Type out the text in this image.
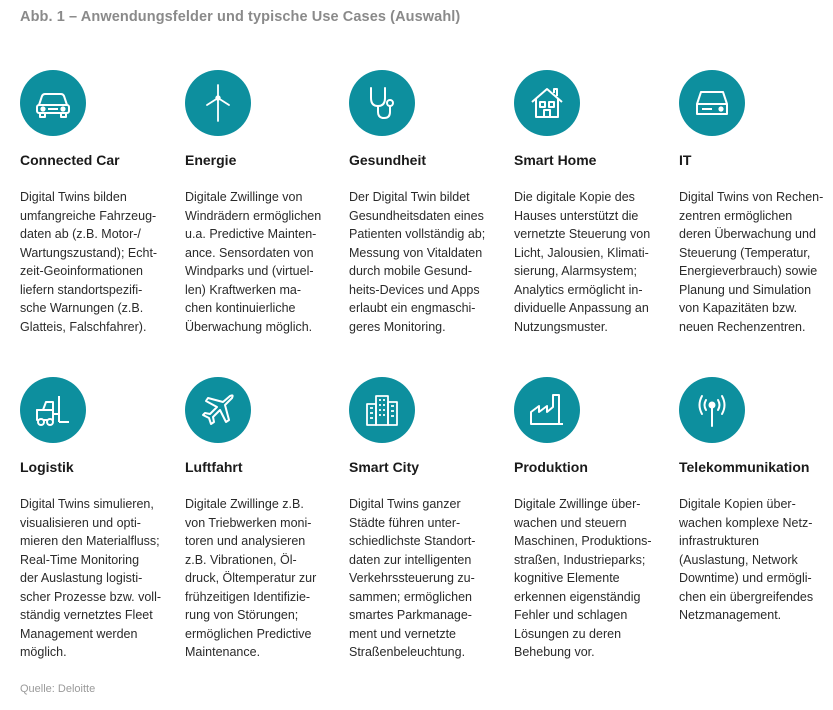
Abb. 1 – Anwendungsfelder und typische Use Cases (Auswahl)
Connected Car
Digital Twins bilden
umfangreiche Fahrzeug-
daten ab (z.B. Motor-/
Wartungszustand); Echt-
zeit-Geoinformationen
liefern standortspezifi-
sche Warnungen (z.B.
Glatteis, Falschfahrer).
Energie
Digitale Zwillinge von
Windrädern ermöglichen
u.a. Predictive Mainten-
ance. Sensordaten von
Windparks und (virtuel-
len) Kraftwerken ma-
chen kontinuierliche
Überwachung möglich.
Gesundheit
Der Digital Twin bildet
Gesundheitsdaten eines
Patienten vollständig ab;
Messung von Vitaldaten
durch mobile Gesund-
heits-Devices und Apps
erlaubt ein engmaschi-
geres Monitoring.
Smart Home
Die digitale Kopie des
Hauses unterstützt die
vernetzte Steuerung von
Licht, Jalousien, Klimati-
sierung, Alarmsystem;
Analytics ermöglicht in-
dividuelle Anpassung an
Nutzungsmuster.
IT
Digital Twins von Rechen-
zentren ermöglichen
deren Überwachung und
Steuerung (Temperatur,
Energieverbrauch) sowie
Planung und Simulation
von Kapazitäten bzw.
neuen Rechenzentren.
Logistik
Digital Twins simulieren,
visualisieren und opti-
mieren den Materialfluss;
Real-Time Monitoring
der Auslastung logisti-
scher Prozesse bzw. voll-
ständig vernetztes Fleet
Management werden
möglich.
Luftfahrt
Digitale Zwillinge z.B.
von Triebwerken moni-
toren und analysieren
z.B. Vibrationen, Öl-
druck, Öltemperatur zur
frühzeitigen Identifizie-
rung von Störungen;
ermöglichen Predictive
Maintenance.
Smart City
Digital Twins ganzer
Städte führen unter-
schiedlichste Standort-
daten zur intelligenten
Verkehrssteuerung zu-
sammen; ermöglichen
smartes Parkmanage-
ment und vernetzte
Straßenbeleuchtung.
Produktion
Digitale Zwillinge über-
wachen und steuern
Maschinen, Produktions-
straßen, Industrieparks;
kognitive Elemente
erkennen eigenständig
Fehler und schlagen
Lösungen zu deren
Behebung vor.
Telekommunikation
Digitale Kopien über-
wachen komplexe Netz-
infrastrukturen
(Auslastung, Network
Downtime) und ermögli-
chen ein übergreifendes
Netzmanagement.
Quelle: Deloitte
